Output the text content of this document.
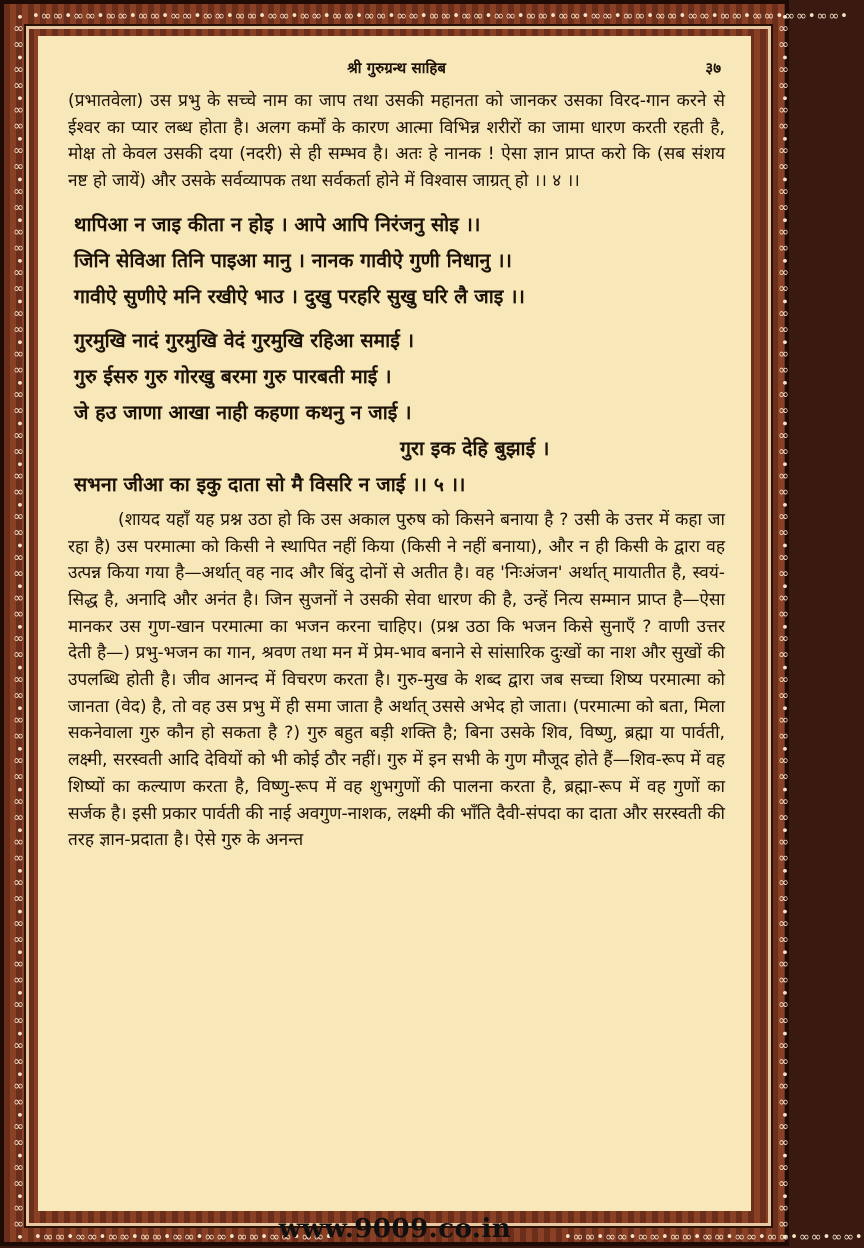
•∞∞•∞∞•∞∞•∞∞•∞∞•∞∞•∞∞•∞∞•∞∞•∞∞•∞∞•∞∞•∞∞•∞∞•∞∞•∞∞•∞∞•∞∞•∞∞•∞∞•∞∞•∞∞•∞∞•∞∞•∞∞•
•∞∞•∞∞•∞∞•∞∞•∞∞•∞∞•∞∞•∞∞•∞∞•∞∞•∞∞•∞∞•∞∞•∞∞•∞∞•∞∞•∞∞•∞∞•∞∞•∞∞•∞∞•∞∞•∞∞•∞∞•∞∞•∞∞•∞∞•∞∞•∞∞•∞∞•	•∞∞•∞∞•∞∞•∞∞•∞∞•∞∞•∞∞•∞∞•∞∞•∞∞•∞∞•∞∞•∞∞•∞∞•∞∞•∞∞•∞∞•∞∞•∞∞•∞∞•∞∞•∞∞•∞∞•∞∞•∞∞•∞∞•∞∞•∞∞•∞∞•∞∞•
•∞∞•∞∞•∞∞•∞∞•∞∞•∞∞•∞∞•∞∞•∞∞•	•∞∞•∞∞•∞∞•∞∞•∞∞•∞∞•∞∞•∞∞•∞∞•
श्री गुरुग्रन्थ साहिब	३७

(प्रभातवेला) उस प्रभु के सच्चे नाम का जाप तथा उसकी महानता को जानकर उसका विरद-गान करने से ईश्वर का प्यार लब्ध होता है। अलग कर्मों के कारण आत्मा विभिन्न शरीरों का जामा धारण करती रहती है, मोक्ष तो केवल उसकी दया (नदरी) से ही सम्भव है। अतः हे नानक ! ऐसा ज्ञान प्राप्त करो कि (सब संशय नष्ट हो जायें) और उसके सर्वव्यापक तथा सर्वकर्ता होने में विश्वास जाग्रत् हो ।। ४ ।।

थापिआ न जाइ कीता न होइ । आपे आपि निरंजनु सोइ ।।
जिनि सेविआ तिनि पाइआ मानु । नानक गावीऐ गुणी निधानु ।।
गावीऐ सुणीऐ मनि रखीऐ भाउ । दुखु परहरि सुखु घरि लै जाइ ।।
गुरमुखि नादं गुरमुखि वेदं गुरमुखि रहिआ समाई ।
गुरु ईसरु गुरु गोरखु बरमा गुरु पारबती माई ।
जे हउ जाणा आखा नाही कहणा कथनु न जाई ।
गुरा इक देहि बुझाई ।
सभना जीआ का इकु दाता सो मै विसरि न जाई ।। ५ ।।

(शायद यहाँ यह प्रश्न उठा हो कि उस अकाल पुरुष को किसने बनाया है ? उसी के उत्तर में कहा जा रहा है) उस परमात्मा को किसी ने स्थापित नहीं किया (किसी ने नहीं बनाया), और न ही किसी के द्वारा वह उत्पन्न किया गया है—अर्थात् वह नाद और बिंदु दोनों से अतीत है। वह 'निःअंजन' अर्थात् मायातीत है, स्वयं-सिद्ध है, अनादि और अनंत है। जिन सुजनों ने उसकी सेवा धारण की है, उन्हें नित्य सम्मान प्राप्त है—ऐसा मानकर उस गुण-खान परमात्मा का भजन करना चाहिए। (प्रश्न उठा कि भजन किसे सुनाएँ ? वाणी उत्तर देती है—) प्रभु-भजन का गान, श्रवण तथा मन में प्रेम-भाव बनाने से सांसारिक दुःखों का नाश और सुखों की उपलब्धि होती है। जीव आनन्द में विचरण करता है। गुरु-मुख के शब्द द्वारा जब सच्चा शिष्य परमात्मा को जानता (वेद) है, तो वह उस प्रभु में ही समा जाता है अर्थात् उससे अभेद हो जाता। (परमात्मा को बता, मिला सकनेवाला गुरु कौन हो सकता है ?) गुरु बहुत बड़ी शक्ति है; बिना उसके शिव, विष्णु, ब्रह्मा या पार्वती, लक्ष्मी, सरस्वती आदि देवियों को भी कोई ठौर नहीं। गुरु में इन सभी के गुण मौजूद होते हैं—शिव-रूप में वह शिष्यों का कल्याण करता है, विष्णु-रूप में वह शुभगुणों की पालना करता है, ब्रह्मा-रूप में वह गुणों का सर्जक है। इसी प्रकार पार्वती की नाई अवगुण-नाशक, लक्ष्मी की भाँति दैवी-संपदा का दाता और सरस्वती की तरह ज्ञान-प्रदाता है। ऐसे गुरु के अनन्त

www.9009.co.in
